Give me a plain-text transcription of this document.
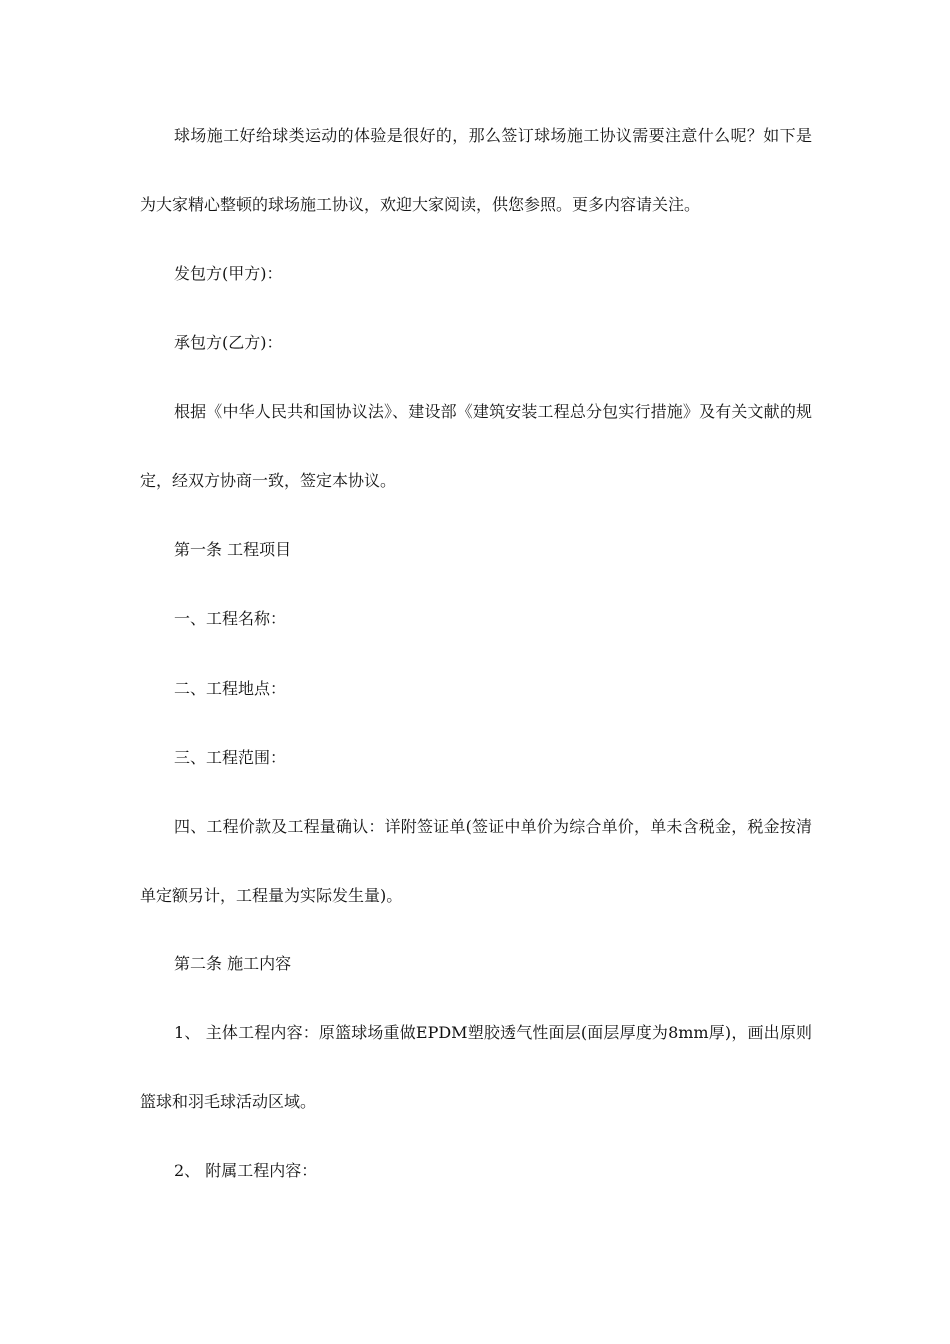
球场施工好给球类运动的体验是很好的，那么签订球场施工协议需要注意什么呢？如下是为大家精心整顿的球场施工协议，欢迎大家阅读，供您参照。更多内容请关注。

发包方(甲方)：

承包方(乙方)：

根据《中华人民共和国协议法》、建设部《建筑安装工程总分包实行措施》及有关文献的规定，经双方协商一致，签定本协议。

第一条 工程项目

一、工程名称：

二、工程地点：

三、工程范围：

四、工程价款及工程量确认：详附签证单(签证中单价为综合单价，单未含税金，税金按清单定额另计，工程量为实际发生量)。

第二条 施工内容

1、 主体工程内容：原篮球场重做EPDM塑胶透气性面层(面层厚度为8mm厚)，画出原则篮球和羽毛球活动区域。

2、 附属工程内容：
